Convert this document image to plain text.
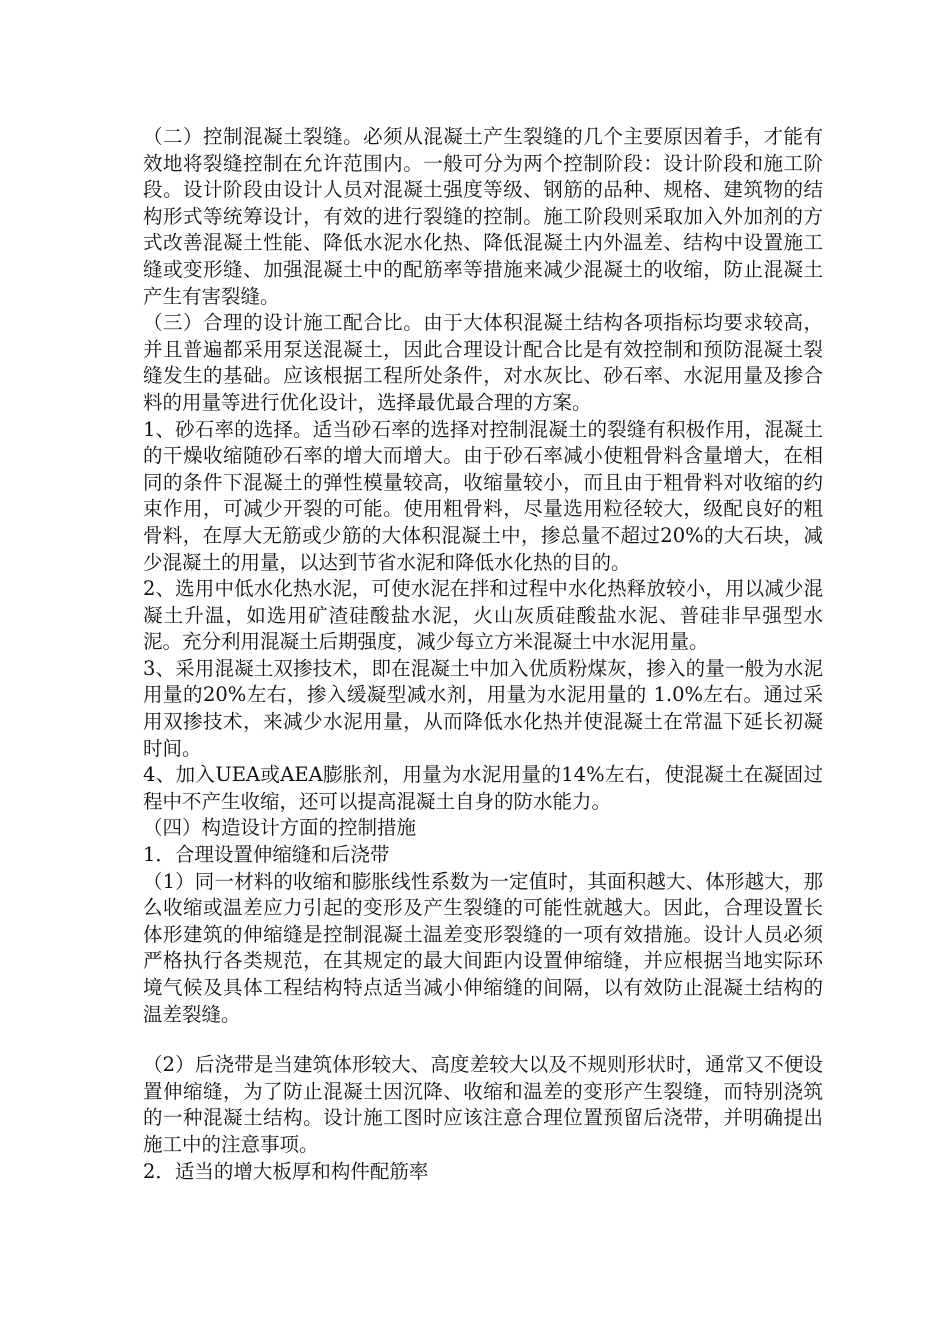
（二）控制混凝土裂缝。必须从混凝土产生裂缝的几个主要原因着手，才能有效地将裂缝控制在允许范围内。一般可分为两个控制阶段：设计阶段和施工阶段。设计阶段由设计人员对混凝土强度等级、钢筋的品种、规格、建筑物的结构形式等统筹设计，有效的进行裂缝的控制。施工阶段则采取加入外加剂的方式改善混凝土性能、降低水泥水化热、降低混凝土内外温差、结构中设置施工缝或变形缝、加强混凝土中的配筋率等措施来减少混凝土的收缩，防止混凝土产生有害裂缝。

（三）合理的设计施工配合比。由于大体积混凝土结构各项指标均要求较高，并且普遍都采用泵送混凝土，因此合理设计配合比是有效控制和预防混凝土裂缝发生的基础。应该根据工程所处条件，对水灰比、砂石率、水泥用量及掺合料的用量等进行优化设计，选择最优最合理的方案。

1、砂石率的选择。适当砂石率的选择对控制混凝土的裂缝有积极作用，混凝土的干燥收缩随砂石率的增大而增大。由于砂石率减小使粗骨料含量增大，在相同的条件下混凝土的弹性模量较高，收缩量较小，而且由于粗骨料对收缩的约束作用，可减少开裂的可能。使用粗骨料，尽量选用粒径较大，级配良好的粗骨料，在厚大无筋或少筋的大体积混凝土中，掺总量不超过20%的大石块，减少混凝土的用量，以达到节省水泥和降低水化热的目的。

2、选用中低水化热水泥，可使水泥在拌和过程中水化热释放较小，用以减少混凝土升温，如选用矿渣硅酸盐水泥，火山灰质硅酸盐水泥、普硅非早强型水泥。充分利用混凝土后期强度，减少每立方米混凝土中水泥用量。

3、采用混凝土双掺技术，即在混凝土中加入优质粉煤灰，掺入的量一般为水泥用量的20%左右，掺入缓凝型减水剂，用量为水泥用量的 1.0%左右。通过采用双掺技术，来减少水泥用量，从而降低水化热并使混凝土在常温下延长初凝时间。

4、加入UEA或AEA膨胀剂，用量为水泥用量的14%左右，使混凝土在凝固过程中不产生收缩，还可以提高混凝土自身的防水能力。

（四）构造设计方面的控制措施

1．合理设置伸缩缝和后浇带

（1）同一材料的收缩和膨胀线性系数为一定值时，其面积越大、体形越大，那么收缩或温差应力引起的变形及产生裂缝的可能性就越大。因此，合理设置长体形建筑的伸缩缝是控制混凝土温差变形裂缝的一项有效措施。设计人员必须严格执行各类规范，在其规定的最大间距内设置伸缩缝，并应根据当地实际环境气候及具体工程结构特点适当减小伸缩缝的间隔，以有效防止混凝土结构的温差裂缝。

（2）后浇带是当建筑体形较大、高度差较大以及不规则形状时，通常又不便设置伸缩缝，为了防止混凝土因沉降、收缩和温差的变形产生裂缝，而特别浇筑的一种混凝土结构。设计施工图时应该注意合理位置预留后浇带，并明确提出施工中的注意事项。

2．适当的增大板厚和构件配筋率
